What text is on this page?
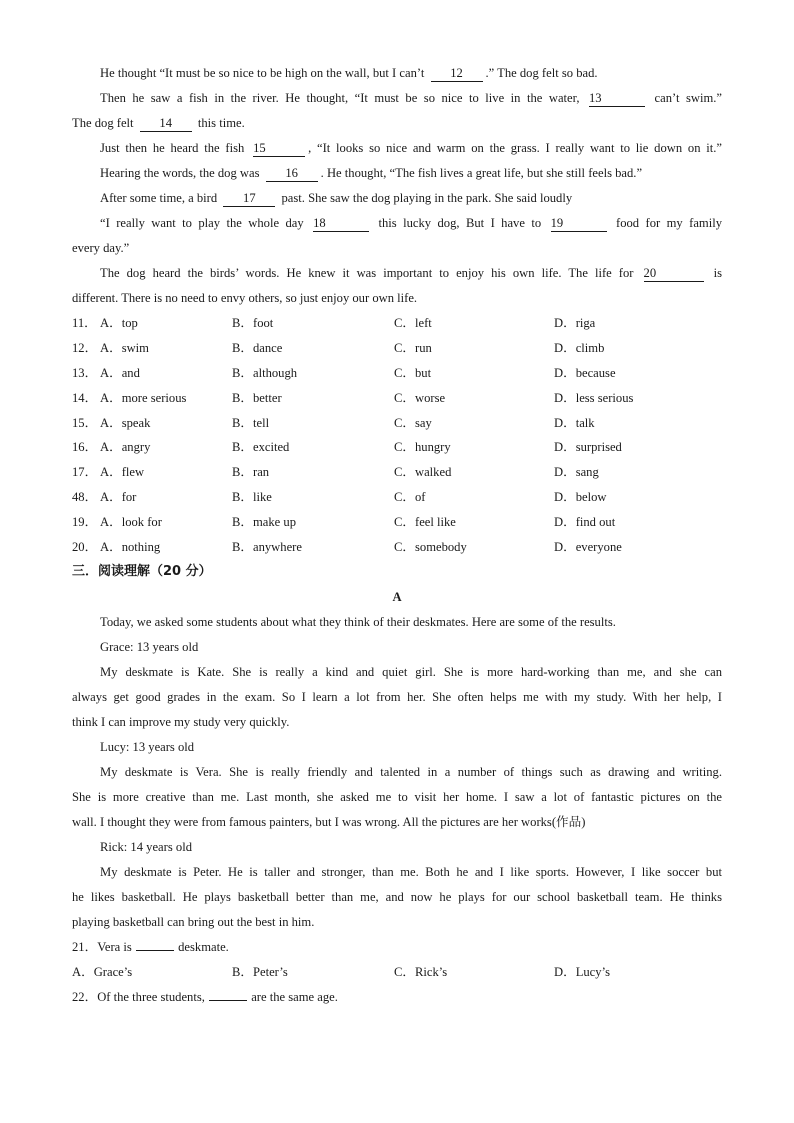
He thought “It must be so nice to be high on the wall, but I can’t 12 .” The dog felt so bad.
Then he saw a fish in the river. He thought, “It must be so nice to live in the water, 13	can’t swim.”
The dog felt 14 this time.
Just then he heard the fish 15	, “It looks so nice and warm on the grass. I really want to lie down on it.”
Hearing the words, the dog was 16 . He thought, “The fish lives a great life, but she still feels bad.”
After some time, a bird 17 past. She saw the dog playing in the park. She said loudly
“I really want to play the whole day 18	this lucky dog, But I have to 19	food for my family
every day.”
The dog heard the birds’ words. He knew it was important to enjoy his own life. The life for 20	is
different. There is no need to envy others, so just enjoy our own life.
11． A．top	B．foot	C．left	D．riga
12． A．swim	B．dance	C．run	D．climb
13． A．and	B．although	C．but	D．because
14． A．more serious	B．better	C．worse	D．less serious
15． A．speak	B．tell	C．say	D．talk
16． A．angry	B．excited	C．hungry	D．surprised
17． A．flew	B．ran	C．walked	D．sang
48． A．for	B．like	C．of	D．below
19． A．look for	B．make up	C．feel like	D．find out
20． A．nothing	B．anywhere	C．somebody	D．everyone
三．阅读理解（20 分）
A
Today, we asked some students about what they think of their deskmates. Here are some of the results.
Grace: 13 years old
My deskmate is Kate. She is really a kind and quiet girl. She is more hard-working than me, and she can
always get good grades in the exam. So I learn a lot from her. She often helps me with my study. With her help, I
think I can improve my study very quickly.
Lucy: 13 years old
My deskmate is Vera. She is really friendly and talented in a number of things such as drawing and writing.
She is more creative than me. Last month, she asked me to visit her home. I saw a lot of fantastic pictures on the
wall. I thought they were from famous painters, but I was wrong. All the pictures are her works(作品)
Rick: 14 years old
My deskmate is Peter. He is taller and stronger, than me. Both he and I like sports. However, I like soccer but
he likes basketball. He plays basketball better than me, and now he plays for our school basketball team. He thinks
playing basketball can bring out the best in him.
21．Vera is	deskmate.
A．Grace’s	B．Peter’s	C．Rick’s	D．Lucy’s
22．Of the three students,	are the same age.
